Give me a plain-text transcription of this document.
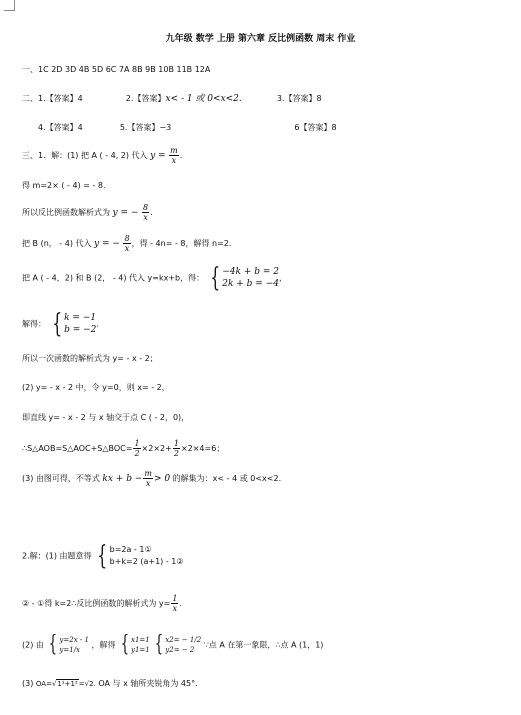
九年级 数学 上册 第六章 反比例函数 周末 作业
一、1C 2D 3D 4B 5D 6C 7A 8B 9B 10B 11B 12A
二、1.【答案】4	2.【答案】x< - 1 或 0<x<2.	3.【答案】8
4.【答案】4	5.【答案】−3	6【答案】8
三、1．解：(1) 把 A ( - 4, 2) 代入 $y = \frac{m}{x}$ .
得 m=2× ( - 4) = - 8.
所以反比例函数解析式为 y = − $\frac{8}{x}$ .
把 B (n， - 4) 代入 y = − $\frac{8}{x}$ ，得 - 4n= - 8，解得 n=2.
把 A ( - 4，2) 和 B (2， - 4) 代入 y=kx+b，得： { −4k + b = 2
2k + b = −4
，
解得： { k = −1
b = −2
.
所以一次函数的解析式为 y= - x - 2；
(2) y= - x - 2 中，令 y=0，则 x= - 2，
即直线 y= - x - 2 与 x 轴交于点 C ( - 2，0)，
∴S△AOB=S△AOC+S△BOC= $\frac{1}{2} \times 2\times 2+ \frac{1}{2} \times 2\times 4=6$；
(3) 由图可得，不等式 kx + $b - \frac{m}{x} > 0$ 的解集为：x< - 4 或 0<x<2.
2.解：(1) 由题意得 { b=2a - 1①
b+k=2 (a+1) - 1②
② - ①得 k=2∴反比例函数的解析式为 $y= \frac{1}{x}$ .
(2) 由 { y=2x - 1
y=1/x
，解得 { x1=1
y1=1
{ x2= − 1/2
y2= − 2
∵点 A 在第一象限，∴点 A (1，1)
(3) OA=√1²+1²=√2. OA 与 x 轴所夹锐角为 45°．
